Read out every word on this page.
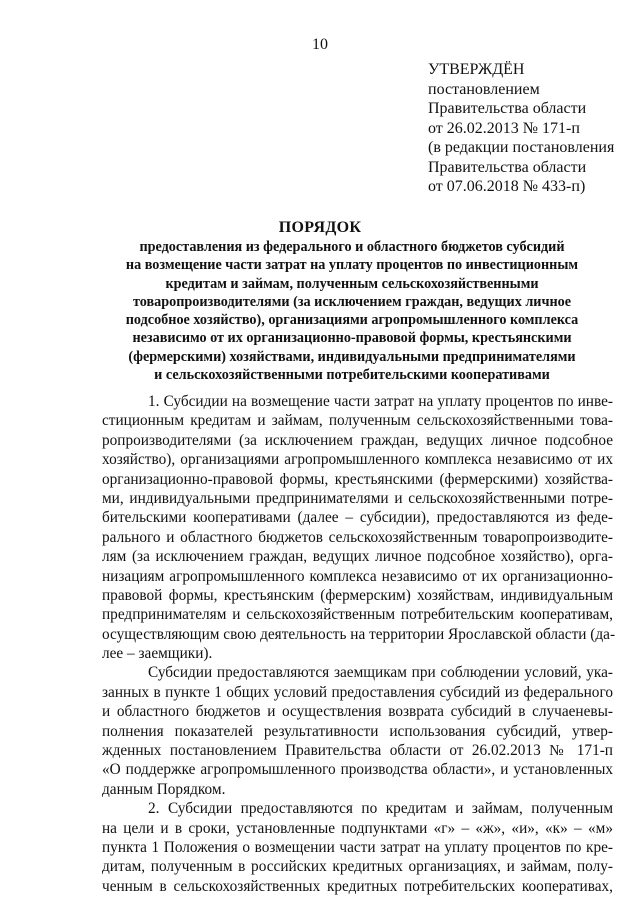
10
УТВЕРЖДЁН
постановлением
Правительства области
от 26.02.2013 № 171-п
(в редакции постановления
Правительства области
от 07.06.2018 № 433-п)
ПОРЯДОК
предоставления из федерального и областного бюджетов субсидий
на возмещение части затрат на уплату процентов по инвестиционным
кредитам и займам, полученным сельскохозяйственными
товаропроизводителями (за исключением граждан, ведущих личное
подсобное хозяйство), организациями агропромышленного комплекса
независимо от их организационно-правовой формы, крестьянскими
(фермерскими) хозяйствами, индивидуальными предпринимателями
и сельскохозяйственными потребительскими кооперативами
1. Субсидии на возмещение части затрат на уплату процентов по инве-
стиционным кредитам и займам, полученным сельскохозяйственными това-
ропроизводителями (за исключением граждан, ведущих личное подсобное
хозяйство), организациями агропромышленного комплекса независимо от их
организационно-правовой формы, крестьянскими (фермерскими) хозяйства-
ми, индивидуальными предпринимателями и сельскохозяйственными потре-
бительскими кооперативами (далее – субсидии), предоставляются из феде-
рального и областного бюджетов сельскохозяйственным товаропроизводите-
лям (за исключением граждан, ведущих личное подсобное хозяйство), орга-
низациям агропромышленного комплекса независимо от их организационно-
правовой формы, крестьянским (фермерским) хозяйствам, индивидуальным
предпринимателям и сельскохозяйственным потребительским кооперативам,
осуществляющим свою деятельность на территории Ярославской области (да-
лее – заемщики).
Субсидии предоставляются заемщикам при соблюдении условий, ука-
занных в пункте 1 общих условий предоставления субсидий из федерального
и областного бюджетов и осуществления возврата субсидий в случаеневы-
полнения показателей результативности использования субсидий, утвер-
жденных постановлением Правительства области от 26.02.2013 № 171-п
«О поддержке агропромышленного производства области», и установленных
данным Порядком.
2. Субсидии предоставляются по кредитам и займам, полученным
на цели и в сроки, установленные подпунктами «г» – «ж», «и», «к» – «м»
пункта 1 Положения о возмещении части затрат на уплату процентов по кре-
дитам, полученным в российских кредитных организациях, и займам, полу-
ченным в сельскохозяйственных кредитных потребительских кооперативах,
